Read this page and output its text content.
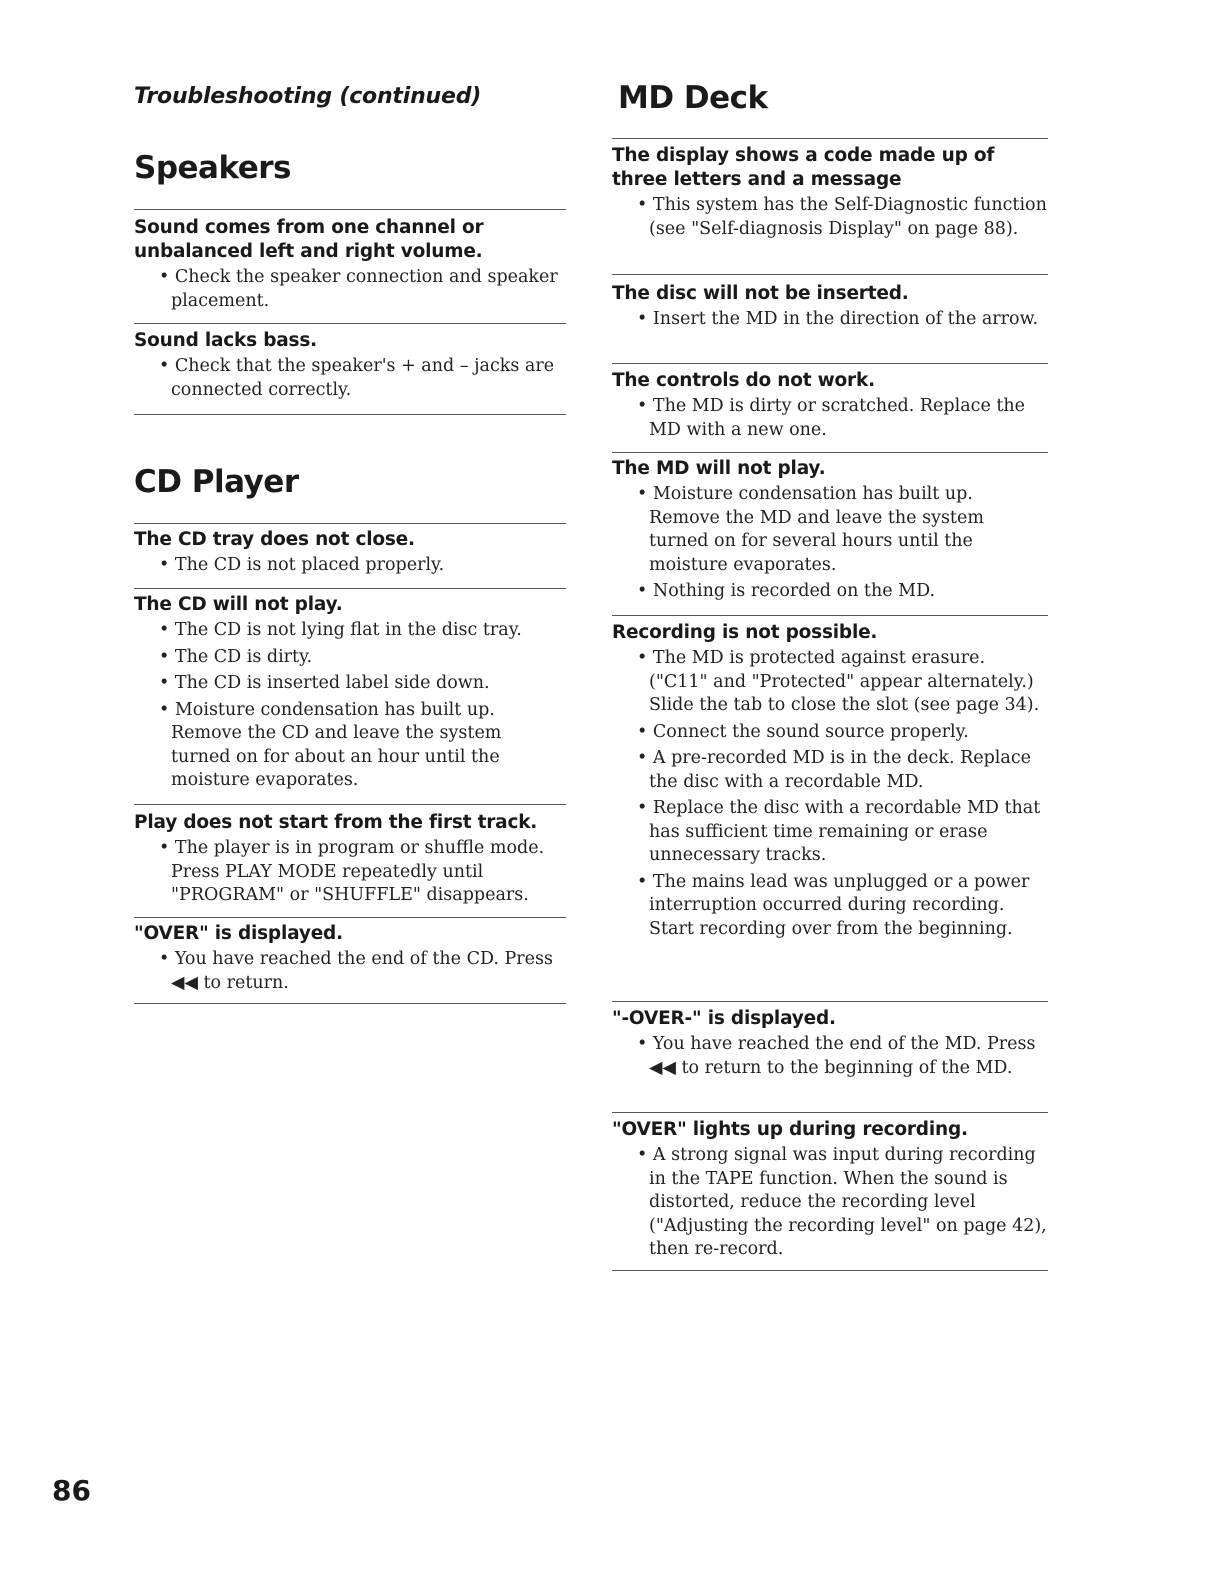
Troubleshooting (continued)
Speakers

Sound comes from one channel or unbalanced left and right volume.

• Check the speaker connection and speaker placement.

Sound lacks bass.

• Check that the speaker's + and – jacks are connected correctly.
CD Player

The CD tray does not close.

• The CD is not placed properly.

The CD will not play.

• The CD is not lying flat in the disc tray.
• The CD is dirty.
• The CD is inserted label side down.
• Moisture condensation has built up. Remove the CD and leave the system turned on for about an hour until the moisture evaporates.

Play does not start from the first track.

• The player is in program or shuffle mode. Press PLAY MODE repeatedly until "PROGRAM" or "SHUFFLE" disappears.

"OVER" is displayed.

• You have reached the end of the CD. Press ◀◀ to return.
MD Deck

The display shows a code made up of three letters and a message

• This system has the Self-Diagnostic function (see "Self-diagnosis Display" on page 88).

The disc will not be inserted.

• Insert the MD in the direction of the arrow.

The controls do not work.

• The MD is dirty or scratched. Replace the MD with a new one.

The MD will not play.

• Moisture condensation has built up. Remove the MD and leave the system turned on for several hours until the moisture evaporates.
• Nothing is recorded on the MD.

Recording is not possible.

• The MD is protected against erasure. ("C11" and "Protected" appear alternately.) Slide the tab to close the slot (see page 34).
• Connect the sound source properly.
• A pre-recorded MD is in the deck. Replace the disc with a recordable MD.
• Replace the disc with a recordable MD that has sufficient time remaining or erase unnecessary tracks.
• The mains lead was unplugged or a power interruption occurred during recording. Start recording over from the beginning.

"-OVER-" is displayed.

• You have reached the end of the MD. Press ◀◀ to return to the beginning of the MD.

"OVER" lights up during recording.

• A strong signal was input during recording in the TAPE function. When the sound is distorted, reduce the recording level ("Adjusting the recording level" on page 42), then re-record.
86
